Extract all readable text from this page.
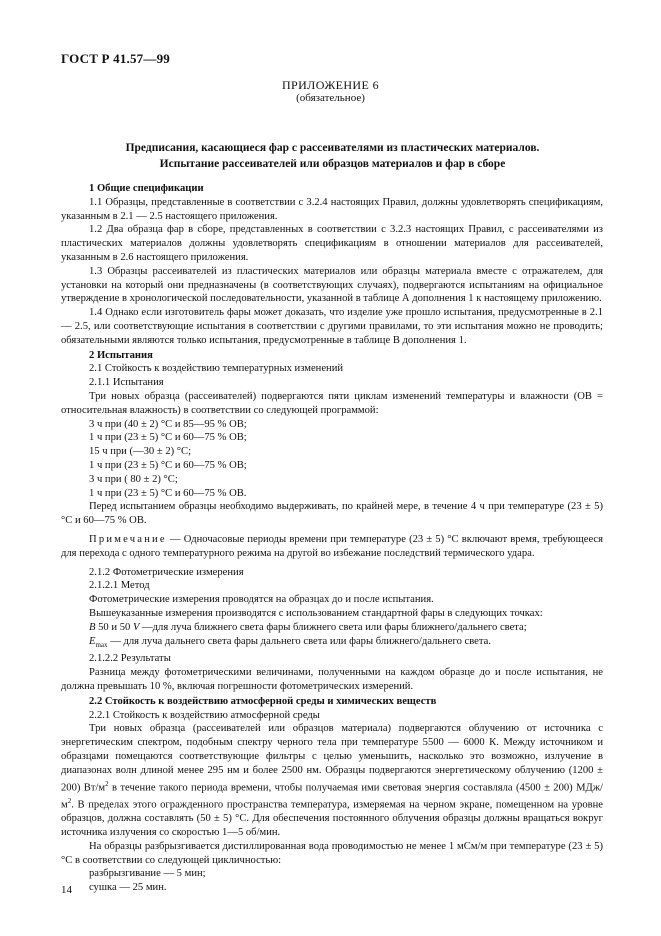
ГОСТ Р 41.57—99
ПРИЛОЖЕНИЕ 6
(обязательное)
Предписания, касающиеся фар с рассеивателями из пластических материалов.
Испытание рассеивателей или образцов материалов и фар в сборе

1 Общие спецификации

1.1 Образцы, представленные в соответствии с 3.2.4 настоящих Правил, должны удовлетворять спецификациям, указанным в 2.1 — 2.5 настоящего приложения.

1.2 Два образца фар в сборе, представленных в соответствии с 3.2.3 настоящих Правил, с рассеивателями из пластических материалов должны удовлетворять спецификациям в отношении материалов для рассеивателей, указанным в 2.6 настоящего приложения.

1.3 Образцы рассеивателей из пластических материалов или образцы материала вместе с отражателем, для установки на который они предназначены (в соответствующих случаях), подвергаются испытаниям на официальное утверждение в хронологической последовательности, указанной в таблице А дополнения 1 к настоящему приложению.

1.4 Однако если изготовитель фары может доказать, что изделие уже прошло испытания, предусмотренные в 2.1 — 2.5, или соответствующие испытания в соответствии с другими правилами, то эти испытания можно не проводить; обязательными являются только испытания, предусмотренные в таблице В дополнения 1.

2 Испытания

2.1 Стойкость к воздействию температурных изменений

2.1.1 Испытания

Три новых образца (рассеивателей) подвергаются пяти циклам изменений температуры и влажности (ОВ = относительная влажность) в соответствии со следующей программой:

3 ч при (40 ± 2) °С и 85—95 % ОВ;

1 ч при (23 ± 5) °С и 60—75 % ОВ;

15 ч при (—30 ± 2) °С;

1 ч при (23 ± 5) °С и 60—75 % ОВ;

3 ч при ( 80 ± 2) °С;

1 ч при (23 ± 5) °С и 60—75 % ОВ.

Перед испытанием образцы необходимо выдерживать, по крайней мере, в течение 4 ч при температуре (23 ± 5) °С и 60—75 % ОВ.

Примечание — Одночасовые периоды времени при температуре (23 ± 5) °С включают время, требующееся для перехода с одного температурного режима на другой во избежание последствий термического удара.

2.1.2 Фотометрические измерения

2.1.2.1 Метод

Фотометрические измерения проводятся на образцах до и после испытания.

Вышеуказанные измерения производятся с использованием стандартной фары в следующих точках:

B 50 и 50 V —для луча ближнего света фары ближнего света или фары ближнего/дальнего света;

$E_{max}$ — для луча дальнего света фары дальнего света или фары ближнего/дальнего света.

2.1.2.2 Результаты

Разница между фотометрическими величинами, полученными на каждом образце до и после испытания, не должна превышать 10 %, включая погрешности фотометрических измерений.

2.2 Стойкость к воздействию атмосферной среды и химических веществ

2.2.1 Стойкость к воздействию атмосферной среды

Три новых образца (рассеивателей или образцов материала) подвергаются облучению от источника с энергетическим спектром, подобным спектру черного тела при температуре 5500 — 6000 К. Между источником и образцами помещаются соответствующие фильтры с целью уменьшить, насколько это возможно, излучение в диапазонах волн длиной менее 295 нм и более 2500 нм. Образцы подвергаются энергетическому облучению (1200 ± 200) $Вт/м^2$ в течение такого периода времени, чтобы получаемая ими световая энергия составляла (4500 ± 200) МДж/$м^2$. В пределах этого огражденного пространства температура, измеряемая на черном экране, помещенном на уровне образцов, должна составлять (50 ± 5) °С. Для обеспечения постоянного облучения образцы должны вращаться вокруг источника излучения со скоростью 1—5 об/мин.

На образцы разбрызгивается дистиллированная вода проводимостью не менее 1 мСм/м при температуре (23 ± 5) °С в соответствии со следующей цикличностью:

разбрызгивание — 5 мин;

сушка — 25 мин.

14
